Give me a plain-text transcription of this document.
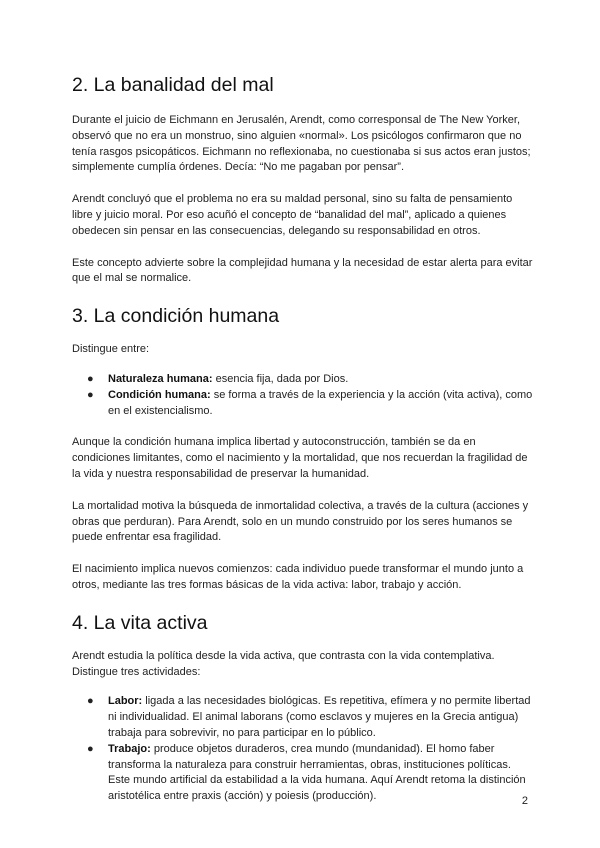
2. La banalidad del mal

Durante el juicio de Eichmann en Jerusalén, Arendt, como corresponsal de The New Yorker, observó que no era un monstruo, sino alguien «normal». Los psicólogos confirmaron que no tenía rasgos psicopáticos. Eichmann no reflexionaba, no cuestionaba si sus actos eran justos; simplemente cumplía órdenes. Decía: “No me pagaban por pensar”.

Arendt concluyó que el problema no era su maldad personal, sino su falta de pensamiento libre y juicio moral. Por eso acuñó el concepto de “banalidad del mal”, aplicado a quienes obedecen sin pensar en las consecuencias, delegando su responsabilidad en otros.

Este concepto advierte sobre la complejidad humana y la necesidad de estar alerta para evitar que el mal se normalice.

3. La condición humana

Distingue entre:

● Naturaleza humana: esencia fija, dada por Dios.
● Condición humana: se forma a través de la experiencia y la acción (vita activa), como en el existencialismo.

Aunque la condición humana implica libertad y autoconstrucción, también se da en condiciones limitantes, como el nacimiento y la mortalidad, que nos recuerdan la fragilidad de la vida y nuestra responsabilidad de preservar la humanidad.

La mortalidad motiva la búsqueda de inmortalidad colectiva, a través de la cultura (acciones y obras que perduran). Para Arendt, solo en un mundo construido por los seres humanos se puede enfrentar esa fragilidad.

El nacimiento implica nuevos comienzos: cada individuo puede transformar el mundo junto a otros, mediante las tres formas básicas de la vida activa: labor, trabajo y acción.

4. La vita activa

Arendt estudia la política desde la vida activa, que contrasta con la vida contemplativa. Distingue tres actividades:

● Labor: ligada a las necesidades biológicas. Es repetitiva, efímera y no permite libertad ni individualidad. El animal laborans (como esclavos y mujeres en la Grecia antigua) trabaja para sobrevivir, no para participar en lo público.
● Trabajo: produce objetos duraderos, crea mundo (mundanidad). El homo faber transforma la naturaleza para construir herramientas, obras, instituciones políticas. Este mundo artificial da estabilidad a la vida humana. Aquí Arendt retoma la distinción aristotélica entre praxis (acción) y poiesis (producción).	2
